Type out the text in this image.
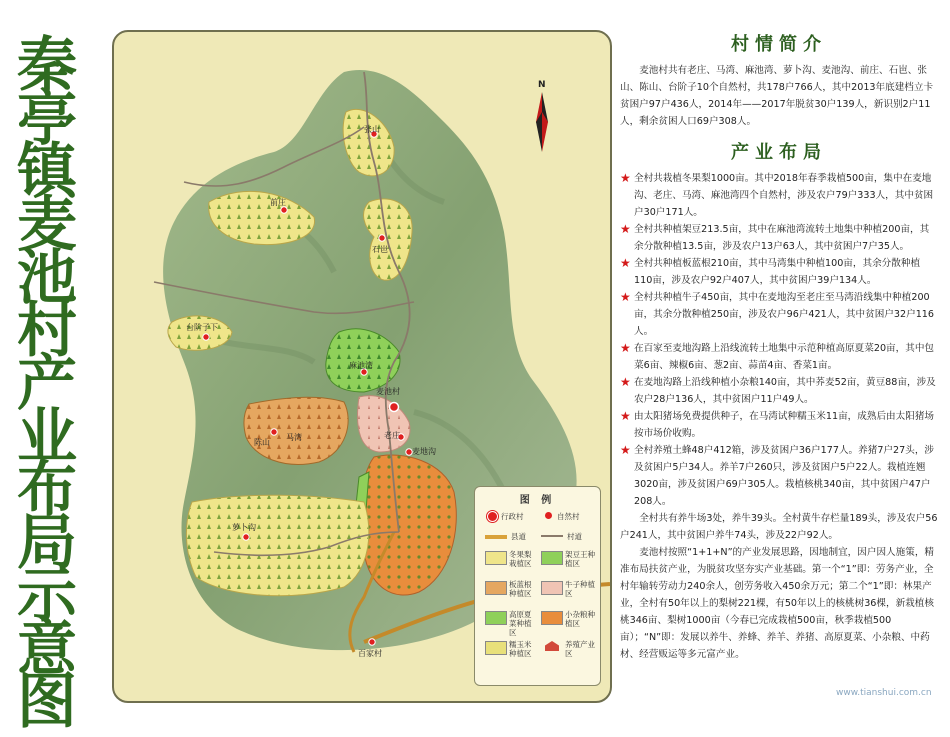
秦
亭
镇
麦
池
村
产
业
布
局
示
意
图
N
张山
前庄
石岜
台阶子下
麻池湾
麦池村
老庄
陈山
马湾
麦地沟
萝卜沟
百家村
图 例
行政村	自然村
县道	村道
冬果梨栽植区
架豆王种植区
板蓝根种植区
牛子种植区
高原夏菜种植区
小杂粮种植区
糯玉米种植区
养殖产业区
村情简介

麦池村共有老庄、马湾、麻池湾、萝卜沟、麦池沟、前庄、石岜、张山、陈山、台阶子10个自然村，共178户766人，其中2013年底建档立卡贫困户97户436人，2014年——2017年脱贫30户139人，新识别2户11人，剩余贫困人口69户308人。

产业布局

★ 全村共栽植冬果梨1000亩。其中2018年春季栽植500亩，集中在麦地沟、老庄、马湾、麻池湾四个自然村，涉及农户79户333人，其中贫困户30户171人。

★ 全村共种植架豆213.5亩，其中在麻池湾流转土地集中种植200亩，其余分散种植13.5亩，涉及农户13户63人，其中贫困户7户35人。

★ 全村共种植板蓝根210亩，其中马湾集中种植100亩，其余分散种植110亩，涉及农户92户407人，其中贫困户39户134人。

★ 全村共种植牛子450亩，其中在麦地沟至老庄至马湾沿线集中种植200亩，其余分散种植250亩，涉及农户96户421人，其中贫困户32户116人。

★ 在百家至麦地沟路上沿线流转土地集中示范种植高原夏菜20亩，其中包菜6亩、辣椒6亩、葱2亩、蒜苗4亩、香菜1亩。

★ 在麦地沟路上沿线种植小杂粮140亩，其中荞麦52亩，黄豆88亩，涉及农户28户136人，其中贫困户11户49人。

★ 由太阳猪场免费提供种子，在马湾试种糯玉米11亩，成熟后由太阳猪场按市场价收购。

★ 全村养殖土蜂48户412箱，涉及贫困户36户177人。养猪7户27头，涉及贫困户5户34人。养羊7户260只，涉及贫困户5户22人。栽植连翘3020亩，涉及贫困户69户305人。栽植核桃340亩，其中贫困户47户208人。

全村共有养牛场3处，养牛39头。全村黄牛存栏量189头，涉及农户56户241人，其中贫困户养牛74头，涉及22户92人。

麦池村按照“1+1+N”的产业发展思路，因地制宜，因户因人施策，精准布局扶贫产业，为脱贫攻坚夯实产业基础。第一个“1”即：劳务产业，全村年输转劳动力240余人，创劳务收入450余万元；第二个“1”即：林果产业，全村有50年以上的梨树221棵，有50年以上的核桃树36棵，新栽植核桃346亩、梨树1000亩（今春已完成栽植500亩，秋季栽植500亩）；“N”即：发展以养牛、养蜂、养羊、养猪、高原夏菜、小杂粮、中药材、经营贩运等多元富产业。

www.tianshui.com.cn
